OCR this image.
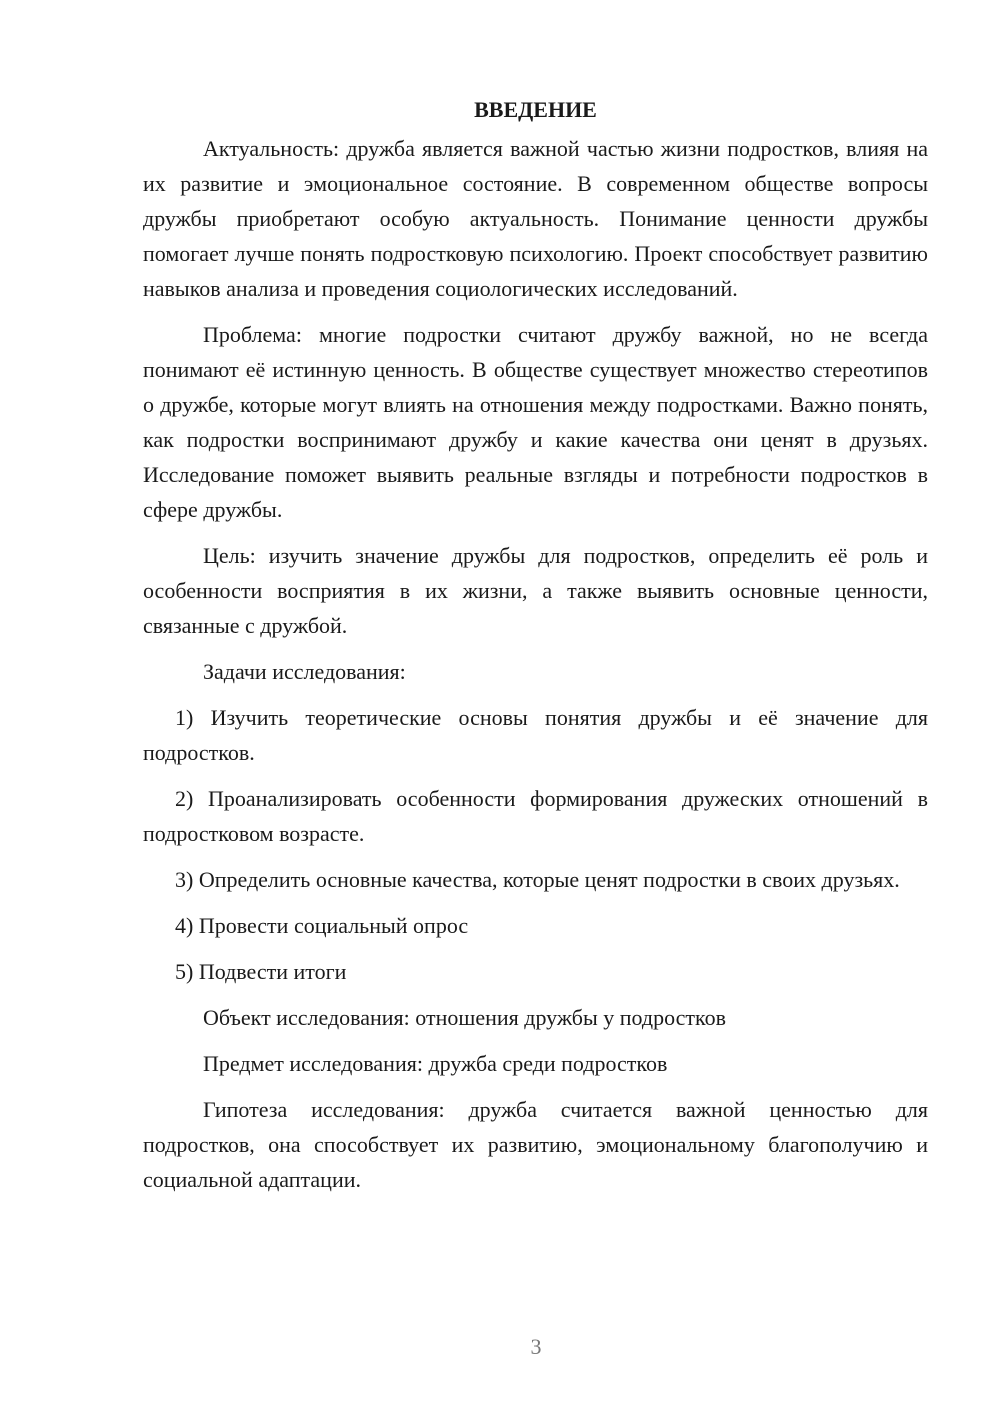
ВВЕДЕНИЕ

Актуальность: дружба является важной частью жизни подростков, влияя на их развитие и эмоциональное состояние. В современном обществе вопросы дружбы приобретают особую актуальность. Понимание ценности дружбы помогает лучше понять подростковую психологию. Проект способствует развитию навыков анализа и проведения социологических исследований.

Проблема: многие подростки считают дружбу важной, но не всегда понимают её истинную ценность. В обществе существует множество стереотипов о дружбе, которые могут влиять на отношения между подростками. Важно понять, как подростки воспринимают дружбу и какие качества они ценят в друзьях. Исследование поможет выявить реальные взгляды и потребности подростков в сфере дружбы.

Цель: изучить значение дружбы для подростков, определить её роль и особенности восприятия в их жизни, а также выявить основные ценности, связанные с дружбой.

Задачи исследования:

1) Изучить теоретические основы понятия дружбы и её значение для подростков.

2) Проанализировать особенности формирования дружеских отношений в подростковом возрасте.

3) Определить основные качества, которые ценят подростки в своих друзьях.

4) Провести социальный опрос

5) Подвести итоги

Объект исследования: отношения дружбы у подростков

Предмет исследования: дружба среди подростков

Гипотеза исследования: дружба считается важной ценностью для подростков, она способствует их развитию, эмоциональному благополучию и социальной адаптации.

3
